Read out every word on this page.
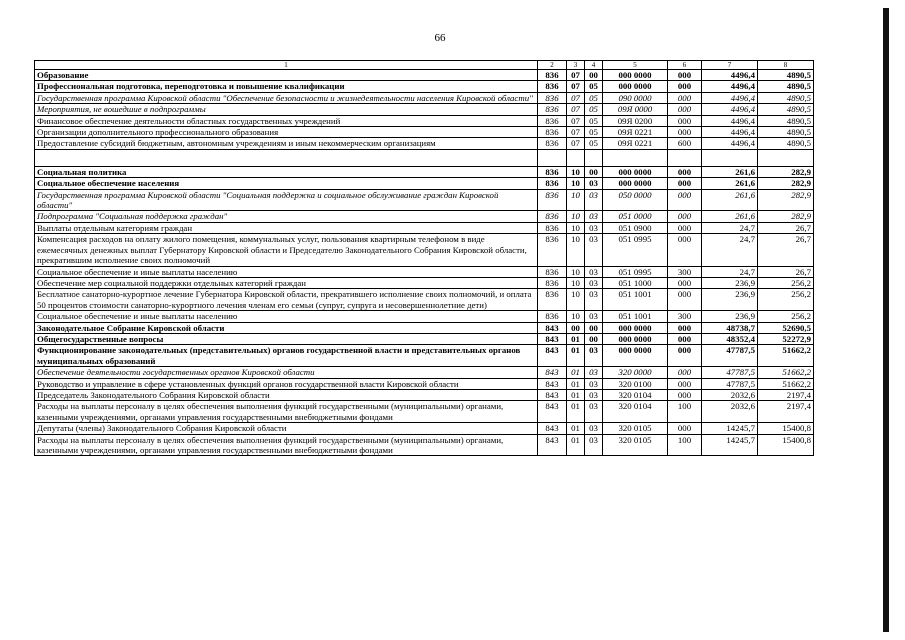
66
1	2	3	4	5	6	7	8
Образование	836	07	00	000 0000	000	4496,4	4890,5
Профессиональная подготовка, переподготовка и повышение квалификации	836	07	05	000 0000	000	4496,4	4890,5
Государственная программа Кировской области "Обеспечение безопасности и жизнедеятельности населения Кировской области"	836	07	05	090 0000	000	4496,4	4890,5
Мероприятия, не вошедшие в подпрограммы	836	07	05	09Я 0000	000	4496,4	4890,5
Финансовое обеспечение деятельности областных государственных учреждений	836	07	05	09Я 0200	000	4496,4	4890,5
Организации дополнительного профессионального образования	836	07	05	09Я 0221	000	4496,4	4890,5
Предоставление субсидий бюджетным, автономным учреждениям и иным некоммерческим организациям	836	07	05	09Я 0221	600	4496,4	4890,5

Социальная политика	836	10	00	000 0000	000	261,6	282,9
Социальное обеспечение населения	836	10	03	000 0000	000	261,6	282,9
Государственная программа Кировской области "Социальная поддержка и социальное обслуживание граждан Кировской области"	836	10	03	050 0000	000	261,6	282,9
Подпрограмма "Социальная поддержка граждан"	836	10	03	051 0000	000	261,6	282,9
Выплаты отдельным категориям граждан	836	10	03	051 0900	000	24,7	26,7
Компенсация расходов на оплату жилого помещения, коммунальных услуг, пользования квартирным телефоном в виде ежемесячных денежных выплат Губернатору Кировской области и Председателю Законодательного Собрания Кировской области, прекратившим исполнение своих полномочий	836	10	03	051 0995	000	24,7	26,7
Социальное обеспечение и иные выплаты населению	836	10	03	051 0995	300	24,7	26,7
Обеспечение мер социальной поддержки отдельных категорий граждан	836	10	03	051 1000	000	236,9	256,2
Бесплатное санаторно-курортное лечение Губернатора Кировской области, прекратившего исполнение своих полномочий, и оплата 50 процентов стоимости санаторно-курортного лечения членам его семьи (супруг, супруга и несовершеннолетние дети)	836	10	03	051 1001	000	236,9	256,2
Социальное обеспечение и иные выплаты населению	836	10	03	051 1001	300	236,9	256,2
Законодательное Собрание Кировской области	843	00	00	000 0000	000	48738,7	52690,5
Общегосударственные вопросы	843	01	00	000 0000	000	48352,4	52272,9
Функционирование законодательных (представительных) органов государственной власти и представительных органов муниципальных образований	843	01	03	000 0000	000	47787,5	51662,2
Обеспечение деятельности государственных органов Кировской области	843	01	03	320 0000	000	47787,5	51662,2
Руководство и управление в сфере установленных функций органов государственной власти Кировской области	843	01	03	320 0100	000	47787,5	51662,2
Председатель Законодательного Собрания Кировской области	843	01	03	320 0104	000	2032,6	2197,4
Расходы на выплаты персоналу в целях обеспечения выполнения функций государственными (муниципальными) органами, казенными учреждениями, органами управления государственными внебюджетными фондами	843	01	03	320 0104	100	2032,6	2197,4
Депутаты (члены) Законодательного Собрания Кировской области	843	01	03	320 0105	000	14245,7	15400,8
Расходы на выплаты персоналу в целях обеспечения выполнения функций государственными (муниципальными) органами, казенными учреждениями, органами управления государственными внебюджетными фондами	843	01	03	320 0105	100	14245,7	15400,8
